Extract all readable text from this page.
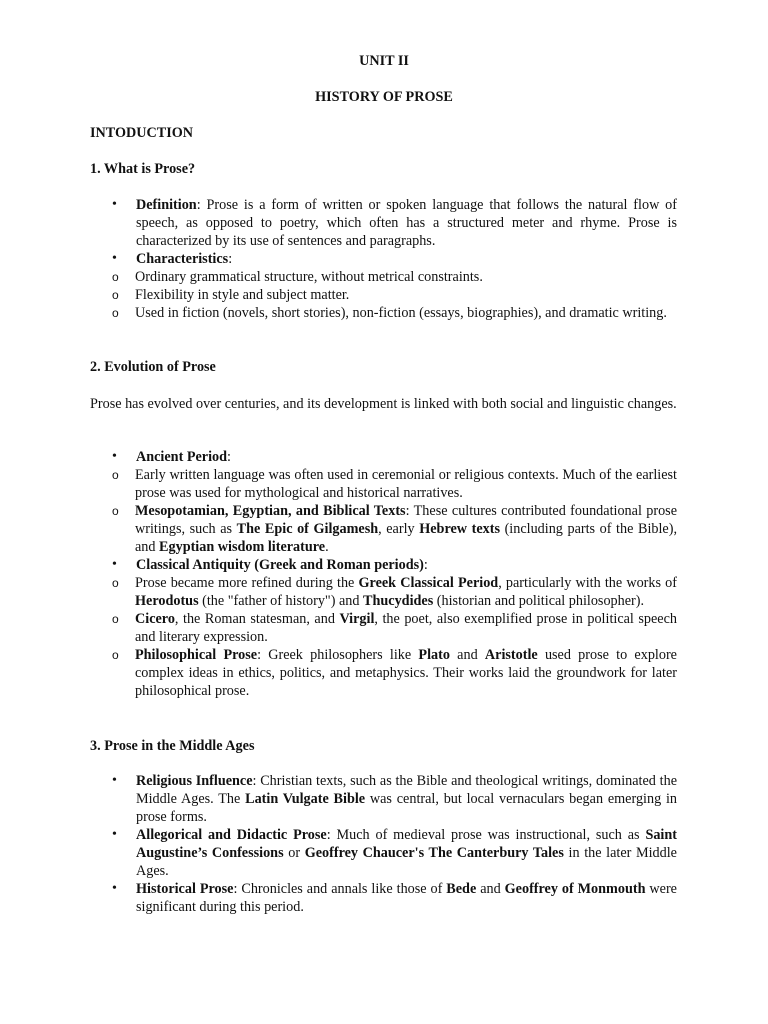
UNIT II
HISTORY OF PROSE
INTODUCTION
1. What is Prose?
• Definition: Prose is a form of written or spoken language that follows the natural flow of speech, as opposed to poetry, which often has a structured meter and rhyme. Prose is characterized by its use of sentences and paragraphs.
• Characteristics:
o Ordinary grammatical structure, without metrical constraints.
o Flexibility in style and subject matter.
o Used in fiction (novels, short stories), non-fiction (essays, biographies), and dramatic writing.
2. Evolution of Prose
Prose has evolved over centuries, and its development is linked with both social and linguistic changes.
• Ancient Period:
o Early written language was often used in ceremonial or religious contexts. Much of the earliest prose was used for mythological and historical narratives.
o Mesopotamian, Egyptian, and Biblical Texts: These cultures contributed foundational prose writings, such as The Epic of Gilgamesh, early Hebrew texts (including parts of the Bible), and Egyptian wisdom literature.
• Classical Antiquity (Greek and Roman periods):
o Prose became more refined during the Greek Classical Period, particularly with the works of Herodotus (the "father of history") and Thucydides (historian and political philosopher).
o Cicero, the Roman statesman, and Virgil, the poet, also exemplified prose in political speech and literary expression.
o Philosophical Prose: Greek philosophers like Plato and Aristotle used prose to explore complex ideas in ethics, politics, and metaphysics. Their works laid the groundwork for later philosophical prose.
3. Prose in the Middle Ages
• Religious Influence: Christian texts, such as the Bible and theological writings, dominated the Middle Ages. The Latin Vulgate Bible was central, but local vernaculars began emerging in prose forms.
• Allegorical and Didactic Prose: Much of medieval prose was instructional, such as Saint Augustine’s Confessions or Geoffrey Chaucer's The Canterbury Tales in the later Middle Ages.
• Historical Prose: Chronicles and annals like those of Bede and Geoffrey of Monmouth were significant during this period.
